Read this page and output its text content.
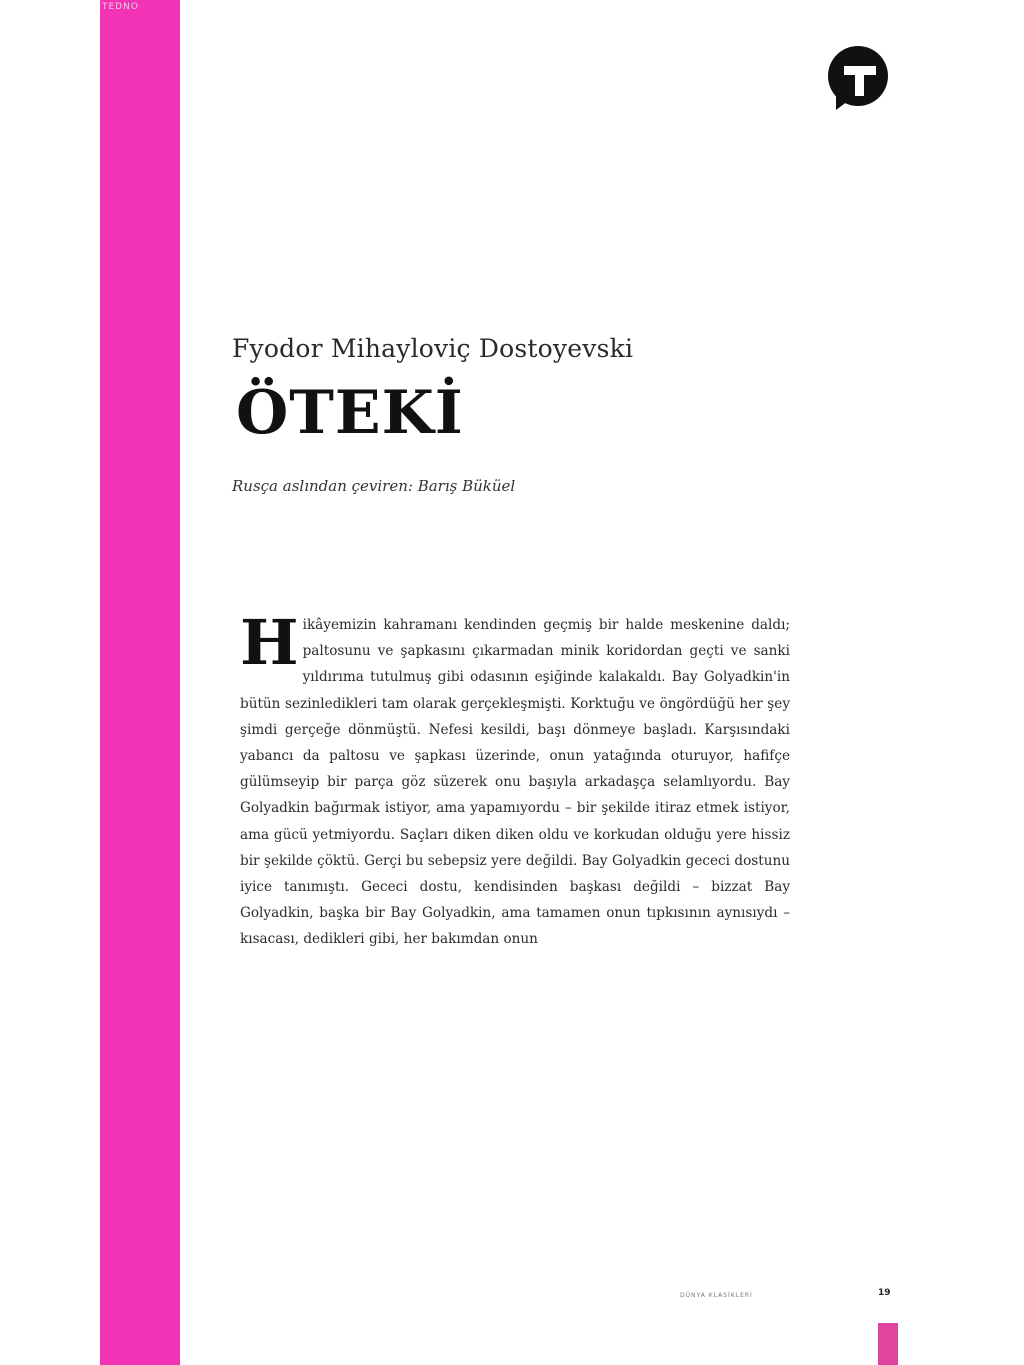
TEDNO
Fyodor Mihayloviç Dostoyevski
ÖTEKİ
Rusça aslından çeviren: Barış Büküel
H ikâyemizin kahramanı kendinden geçmiş bir halde meskenine daldı; paltosunu ve şapkasını çıkarmadan minik koridordan geçti ve sanki yıldırıma tutulmuş gibi odasının eşiğinde kalakaldı. Bay Golyadkin'in bütün sezinledikleri tam olarak gerçekleşmişti. Korktuğu ve öngördüğü her şey şimdi gerçeğe dönmüştü. Nefesi kesildi, başı dönmeye başladı. Karşısındaki yabancı da paltosu ve şapkası üzerinde, onun yatağında oturuyor, hafifçe gülümseyip bir parça göz süzerek onu başıyla arkadaşça selamlıyordu. Bay Golyadkin bağırmak istiyor, ama yapamıyordu – bir şekilde itiraz etmek istiyor, ama gücü yetmiyordu. Saçları diken diken oldu ve korkudan olduğu yere hissiz bir şekilde çöktü. Gerçi bu sebepsiz yere değildi. Bay Golyadkin gececi dostunu iyice tanımıştı. Gececi dostu, kendisinden başkası değildi – bizzat Bay Golyadkin, başka bir Bay Golyadkin, ama tamamen onun tıpkısının aynısıydı – kısacası, dedikleri gibi, her bakımdan onun
DÜNYA KLASİKLERİ	19
